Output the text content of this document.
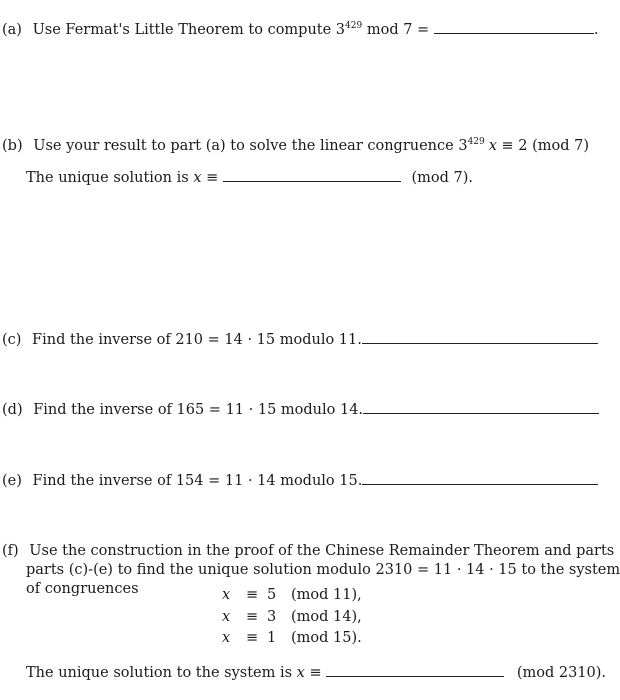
(a) Use Fermat's Little Theorem to compute $3^{429}$ mod 7 =	.
(b) Use your result to part (a) to solve the linear congruence $3^{429}$ x ≡ 2 (mod 7)
The unique solution is x ≡	(mod 7).
(c) Find the inverse of 210 = 14 · 15 modulo 11.
(d) Find the inverse of 165 = 11 · 15 modulo 14.
(e) Find the inverse of 154 = 11 · 14 modulo 15.
(f) Use the construction in the proof of the Chinese Remainder Theorem and parts
parts (c)-(e) to find the unique solution modulo 2310 = 11 · 14 · 15 to the system
of congruences	x ≡ 5 (mod 11),
x ≡ 3 (mod 14),
x ≡ 1 (mod 15).
The unique solution to the system is x ≡	(mod 2310).
